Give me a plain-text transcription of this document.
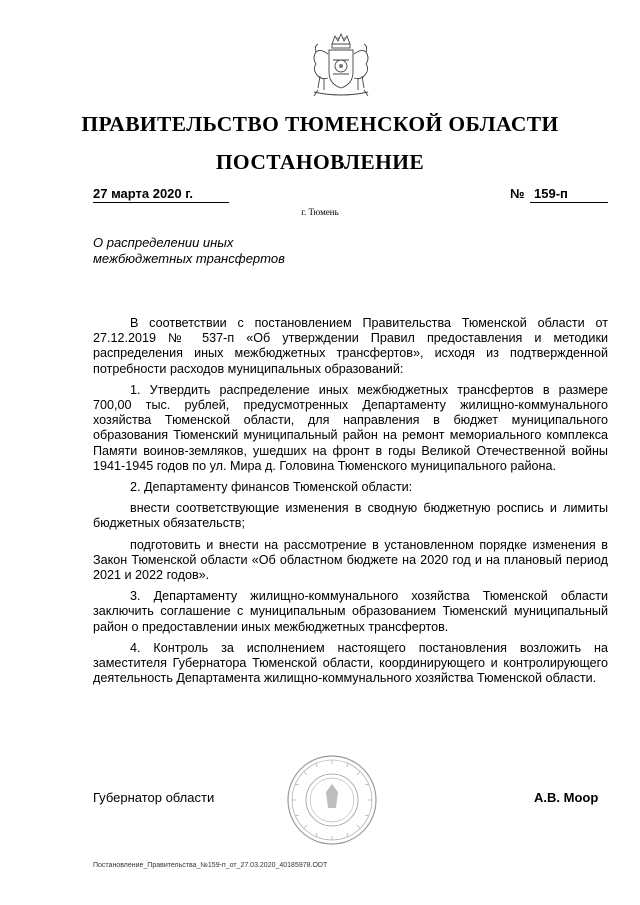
ПРАВИТЕЛЬСТВО ТЮМЕНСКОЙ ОБЛАСТИ
ПОСТАНОВЛЕНИЕ
27 марта 2020 г.	№ 159-п
г. Тюмень
О распределении иных
межбюджетных трансфертов

В соответствии с постановлением Правительства Тюменской области от 27.12.2019 № 537-п «Об утверждении Правил предоставления и методики распределения иных межбюджетных трансфертов», исходя из подтвержденной потребности расходов муниципальных образований:

1. Утвердить распределение иных межбюджетных трансфертов в размере 700,00 тыс. рублей, предусмотренных Департаменту жилищно-коммунального хозяйства Тюменской области, для направления в бюджет муниципального образования Тюменский муниципальный район на ремонт мемориального комплекса Памяти воинов-земляков, ушедших на фронт в годы Великой Отечественной войны 1941-1945 годов по ул. Мира д. Головина Тюменского муниципального района.

2. Департаменту финансов Тюменской области:

внести соответствующие изменения в сводную бюджетную роспись и лимиты бюджетных обязательств;

подготовить и внести на рассмотрение в установленном порядке изменения в Закон Тюменской области «Об областном бюджете на 2020 год и на плановый период 2021 и 2022 годов».

3. Департаменту жилищно-коммунального хозяйства Тюменской области заключить соглашение с муниципальным образованием Тюменский муниципальный район о предоставлении иных межбюджетных трансфертов.

4. Контроль за исполнением настоящего постановления возложить на заместителя Губернатора Тюменской области, координирующего и контролирующего деятельность Департамента жилищно-коммунального хозяйства Тюменской области.

Губернатор области	А.В. Моор
Постановление_Правительства_№159-п_от_27.03.2020_40185978.ODT
